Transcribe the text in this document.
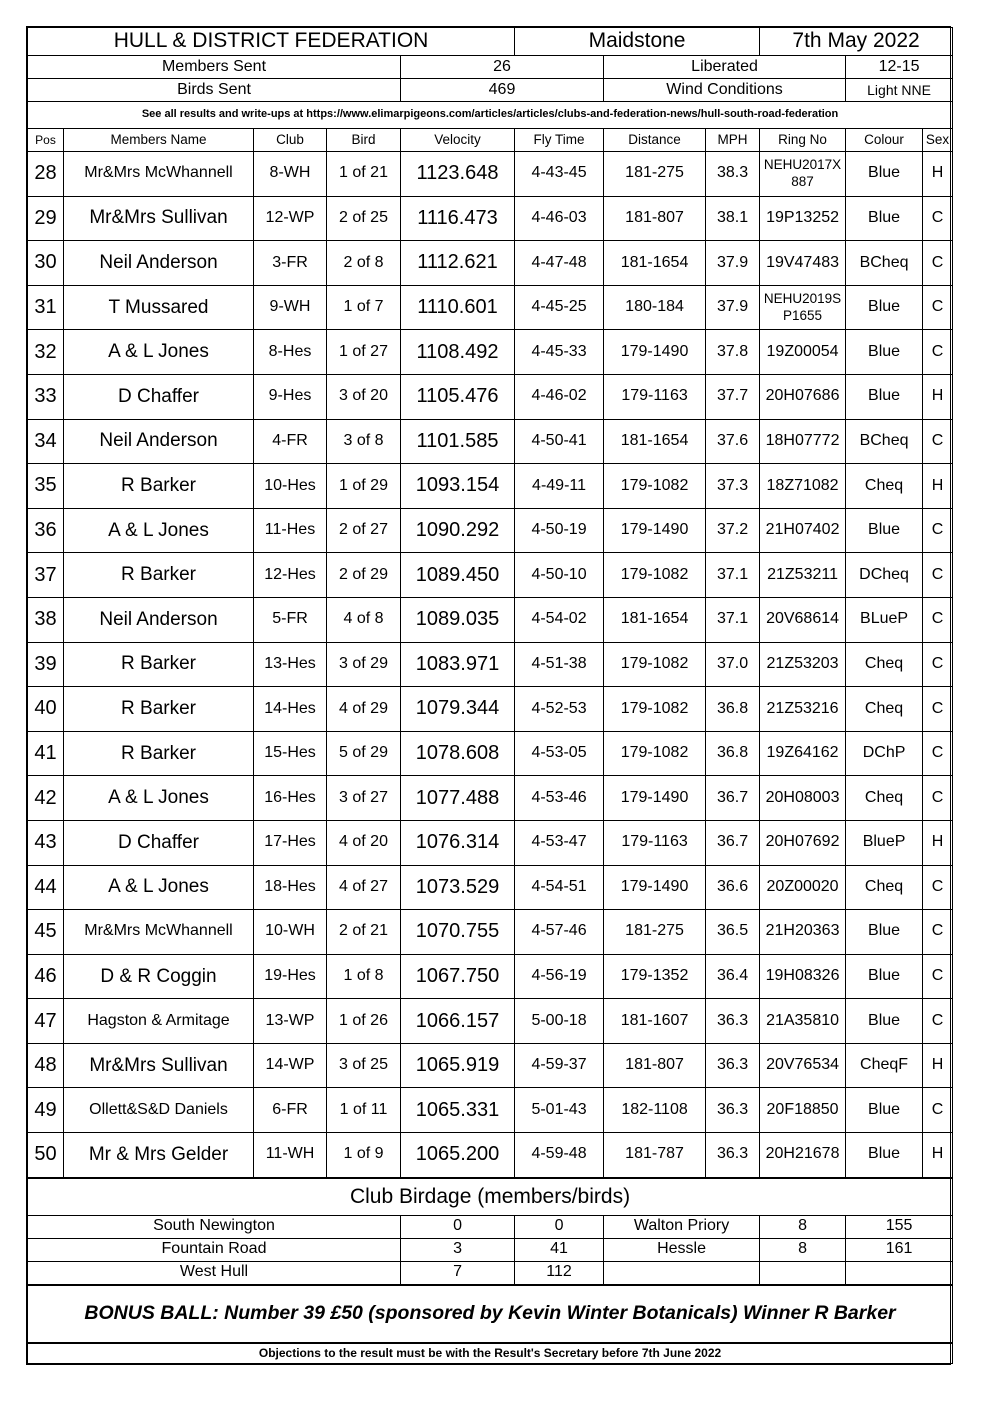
HULL & DISTRICT FEDERATION					Maidstone			7th May 2022		
Members Sent				26		Liberated			12-15	
Birds Sent				469		Wind Conditions			Light NNE	
See all results and write-ups at https://www.elimarpigeons.com/articles/articles/clubs-and-federation-news/hull-south-road-federation										
Pos	Members Name	Club	Bird	Velocity	Fly Time	Distance	MPH	Ring No	Colour	Sex
28	Mr&Mrs McWhannell	8-WH	1 of 21	1123.648	4-43-45	181-275	38.3	NEHU2017X 887	Blue	H
29	Mr&Mrs Sullivan	12-WP	2 of 25	1116.473	4-46-03	181-807	38.1	19P13252	Blue	C
30	Neil Anderson	3-FR	2 of 8	1112.621	4-47-48	181-1654	37.9	19V47483	BCheq	C
31	T Mussared	9-WH	1 of 7	1110.601	4-45-25	180-184	37.9	NEHU2019S P1655	Blue	C
32	A & L Jones	8-Hes	1 of 27	1108.492	4-45-33	179-1490	37.8	19Z00054	Blue	C
33	D Chaffer	9-Hes	3 of 20	1105.476	4-46-02	179-1163	37.7	20H07686	Blue	H
34	Neil Anderson	4-FR	3 of 8	1101.585	4-50-41	181-1654	37.6	18H07772	BCheq	C
35	R Barker	10-Hes	1 of 29	1093.154	4-49-11	179-1082	37.3	18Z71082	Cheq	H
36	A & L Jones	11-Hes	2 of 27	1090.292	4-50-19	179-1490	37.2	21H07402	Blue	C
37	R Barker	12-Hes	2 of 29	1089.450	4-50-10	179-1082	37.1	21Z53211	DCheq	C
38	Neil Anderson	5-FR	4 of 8	1089.035	4-54-02	181-1654	37.1	20V68614	BLueP	C
39	R Barker	13-Hes	3 of 29	1083.971	4-51-38	179-1082	37.0	21Z53203	Cheq	C
40	R Barker	14-Hes	4 of 29	1079.344	4-52-53	179-1082	36.8	21Z53216	Cheq	C
41	R Barker	15-Hes	5 of 29	1078.608	4-53-05	179-1082	36.8	19Z64162	DChP	C
42	A & L Jones	16-Hes	3 of 27	1077.488	4-53-46	179-1490	36.7	20H08003	Cheq	C
43	D Chaffer	17-Hes	4 of 20	1076.314	4-53-47	179-1163	36.7	20H07692	BlueP	H
44	A & L Jones	18-Hes	4 of 27	1073.529	4-54-51	179-1490	36.6	20Z00020	Cheq	C
45	Mr&Mrs McWhannell	10-WH	2 of 21	1070.755	4-57-46	181-275	36.5	21H20363	Blue	C
46	D & R Coggin	19-Hes	1 of 8	1067.750	4-56-19	179-1352	36.4	19H08326	Blue	C
47	Hagston & Armitage	13-WP	1 of 26	1066.157	5-00-18	181-1607	36.3	21A35810	Blue	C
48	Mr&Mrs Sullivan	14-WP	3 of 25	1065.919	4-59-37	181-807	36.3	20V76534	CheqF	H
49	Ollett&S&D Daniels	6-FR	1 of 11	1065.331	5-01-43	182-1108	36.3	20F18850	Blue	C
50	Mr & Mrs Gelder	11-WH	1 of 9	1065.200	4-59-48	181-787	36.3	20H21678	Blue	H
Club Birdage (members/birds)										
South Newington				0	0	Walton Priory		8	155	
Fountain Road				3	41	Hessle		8	161	
West Hull				7	112					
BONUS BALL: Number 39 £50 (sponsored by Kevin Winter Botanicals) Winner R Barker										
Objections to the result must be with the Result's Secretary before 7th June 2022										
